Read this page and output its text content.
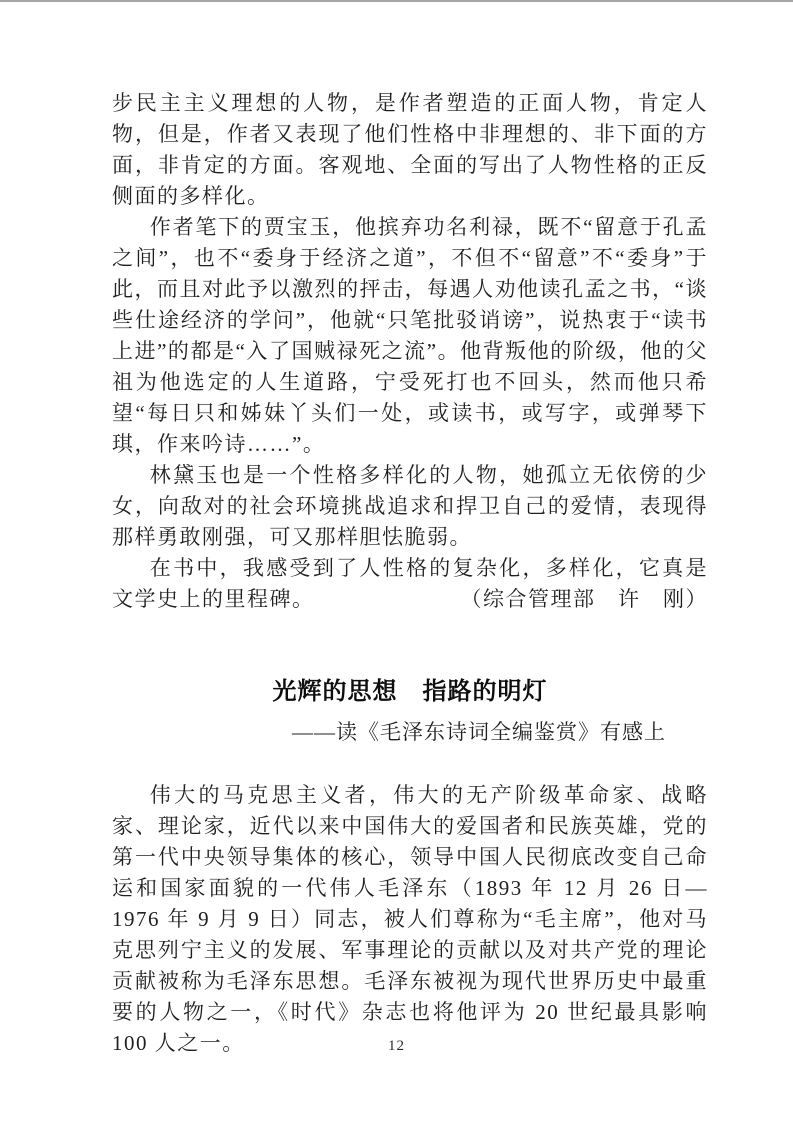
步民主主义理想的人物，是作者塑造的正面人物，肯定人物，但是，作者又表现了他们性格中非理想的、非下面的方面，非肯定的方面。客观地、全面的写出了人物性格的正反侧面的多样化。

作者笔下的贾宝玉，他摈弃功名利禄，既不“留意于孔孟之间”，也不“委身于经济之道”，不但不“留意”不“委身”于此，而且对此予以激烈的抨击，每遇人劝他读孔孟之书，“谈些仕途经济的学问”，他就“只笔批驳诮谤”，说热衷于“读书上进”的都是“入了国贼禄死之流”。他背叛他的阶级，他的父祖为他选定的人生道路，宁受死打也不回头，然而他只希望“每日只和姊妹丫头们一处，或读书，或写字，或弹琴下琪，作来吟诗……”。

林黛玉也是一个性格多样化的人物，她孤立无依傍的少女，向敌对的社会环境挑战追求和捍卫自己的爱情，表现得那样勇敢刚强，可又那样胆怯脆弱。

在书中，我感受到了人性格的复杂化，多样化，它真是文学史上的里程碑。	（综合管理部　许　刚）

光辉的思想　指路的明灯

——读《毛泽东诗词全编鉴赏》有感上

伟大的马克思主义者，伟大的无产阶级革命家、战略家、理论家，近代以来中国伟大的爱国者和民族英雄，党的第一代中央领导集体的核心，领导中国人民彻底改变自己命运和国家面貌的一代伟人毛泽东（1893 年 12 月 26 日—1976 年 9 月 9 日）同志，被人们尊称为“毛主席”，他对马克思列宁主义的发展、军事理论的贡献以及对共产党的理论贡献被称为毛泽东思想。毛泽东被视为现代世界历史中最重要的人物之一，《时代》杂志也将他评为 20 世纪最具影响 100 人之一。	12
